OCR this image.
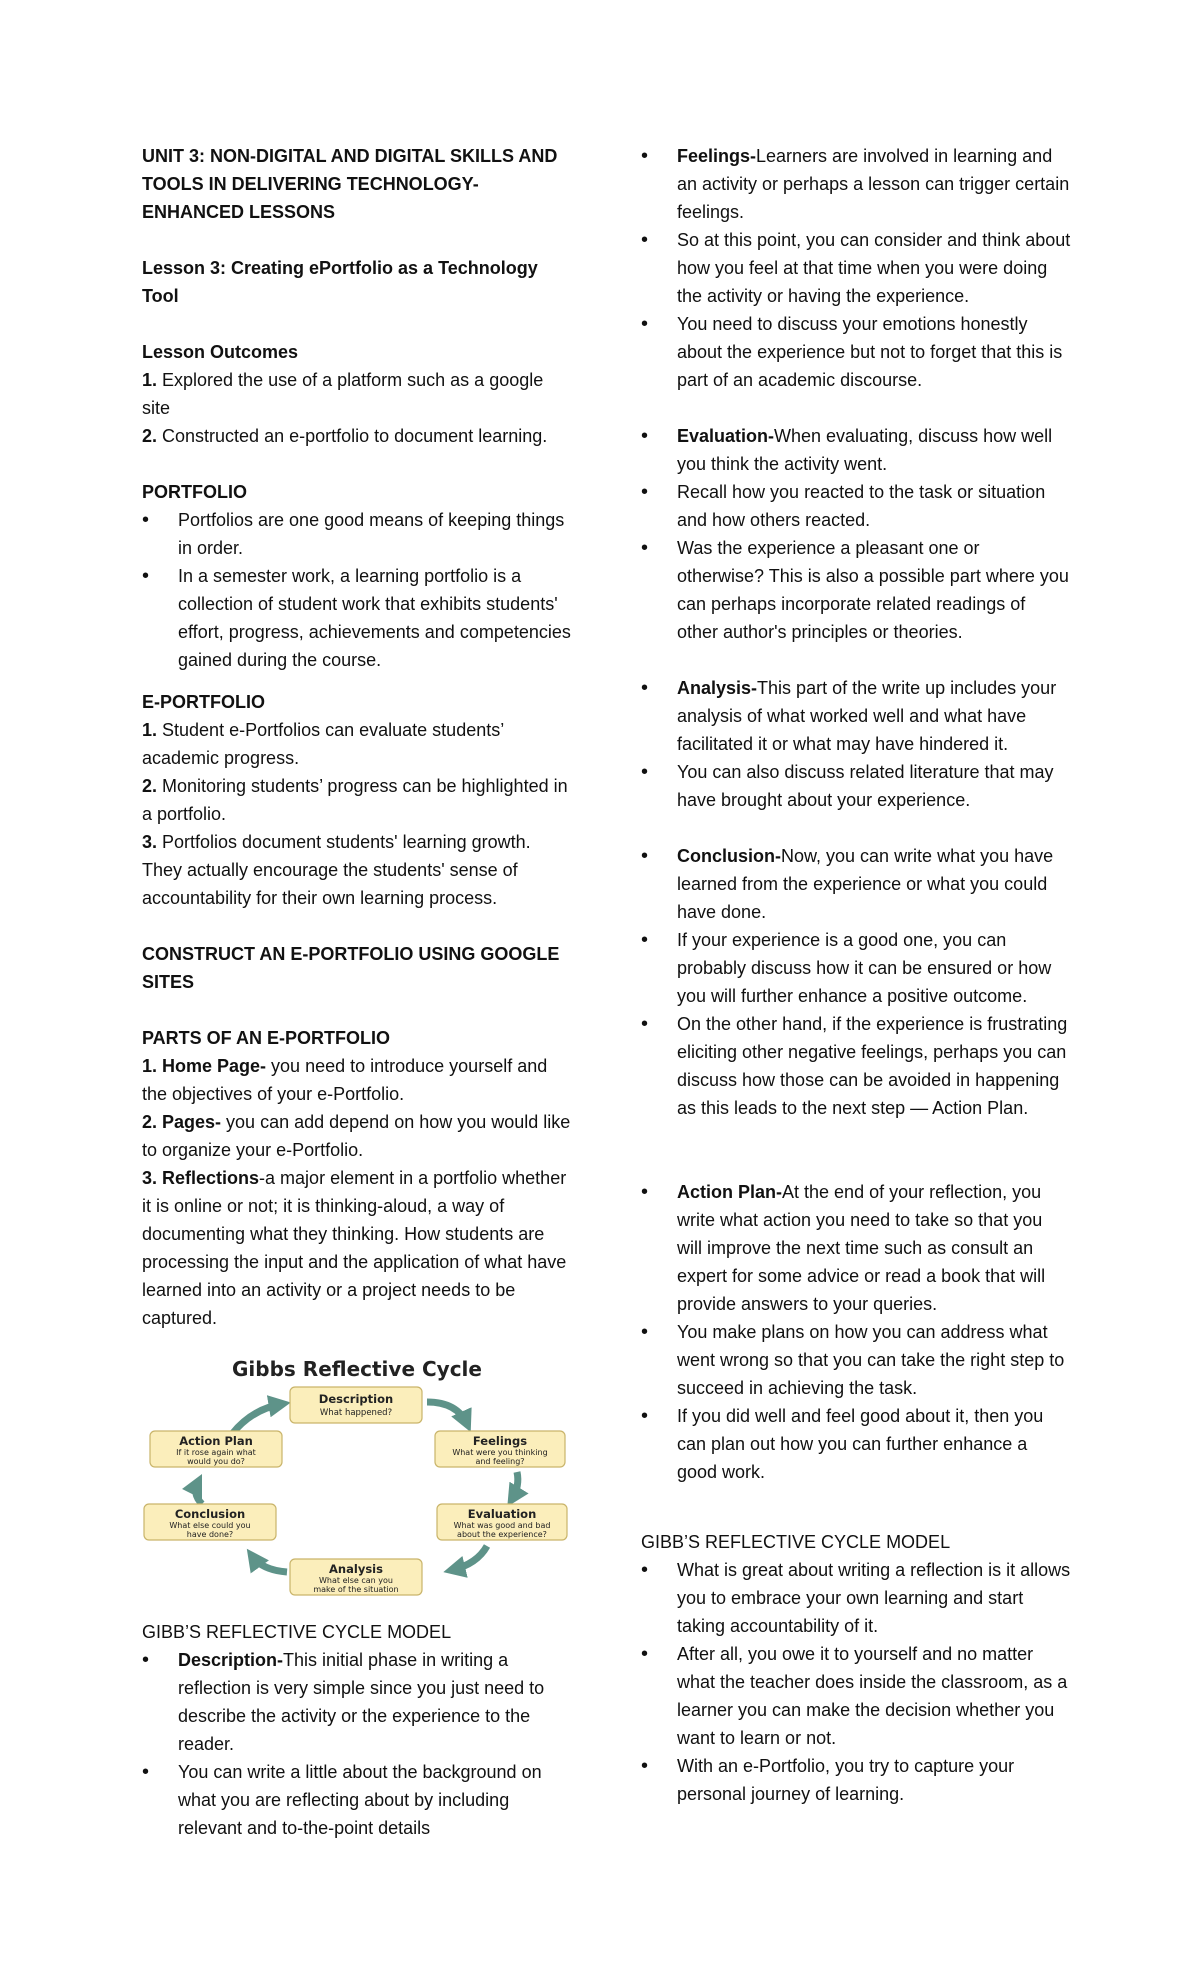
UNIT 3: NON-DIGITAL AND DIGITAL SKILLS AND TOOLS IN DELIVERING TECHNOLOGY-ENHANCED LESSONS

Lesson 3: Creating ePortfolio as a Technology Tool

Lesson Outcomes

1. Explored the use of a platform such as a google site

2. Constructed an e-portfolio to document learning.

PORTFOLIO

• Portfolios are one good means of keeping things in order.
• In a semester work, a learning portfolio is a collection of student work that exhibits students' effort, progress, achievements and competencies gained during the course.

E-PORTFOLIO

1. Student e-Portfolios can evaluate students’ academic progress.

2. Monitoring students’ progress can be highlighted in a portfolio.

3. Portfolios document students' learning growth. They actually encourage the students' sense of accountability for their own learning process.

CONSTRUCT AN E-PORTFOLIO USING GOOGLE SITES

PARTS OF AN E-PORTFOLIO

1. Home Page- you need to introduce yourself and the objectives of your e-Portfolio.

2. Pages- you can add depend on how you would like to organize your e-Portfolio.

3. Reflections-a major element in a portfolio whether it is online or not; it is thinking-aloud, a way of documenting what they thinking. How students are processing the input and the application of what have learned into an activity or a project needs to be captured.

Gibbs Reflective Cycle
Description
What happened?
Feelings
What were you thinking
and feeling?
Evaluation
What was good and bad
about the experience?
Analysis
What else can you
make of the situation
Conclusion
What else could you
have done?
Action Plan
If it rose again what
would you do?

GIBB’S REFLECTIVE CYCLE MODEL

• Description-This initial phase in writing a reflection is very simple since you just need to describe the activity or the experience to the reader.
• You can write a little about the background on what you are reflecting about by including relevant and to-the-point details
• Feelings-Learners are involved in learning and an activity or perhaps a lesson can trigger certain feelings.
• So at this point, you can consider and think about how you feel at that time when you were doing the activity or having the experience.
• You need to discuss your emotions honestly about the experience but not to forget that this is part of an academic discourse.
• Evaluation-When evaluating, discuss how well you think the activity went.
• Recall how you reacted to the task or situation and how others reacted.
• Was the experience a pleasant one or otherwise? This is also a possible part where you can perhaps incorporate related readings of other author's principles or theories.
• Analysis-This part of the write up includes your analysis of what worked well and what have facilitated it or what may have hindered it.
• You can also discuss related literature that may have brought about your experience.
• Conclusion-Now, you can write what you have learned from the experience or what you could have done.
• If your experience is a good one, you can probably discuss how it can be ensured or how you will further enhance a positive outcome.
• On the other hand, if the experience is frustrating eliciting other negative feelings, perhaps you can discuss how those can be avoided in happening as this leads to the next step — Action Plan.
• Action Plan-At the end of your reflection, you write what action you need to take so that you will improve the next time such as consult an expert for some advice or read a book that will provide answers to your queries.
• You make plans on how you can address what went wrong so that you can take the right step to succeed in achieving the task.
• If you did well and feel good about it, then you can plan out how you can further enhance a good work.

GIBB’S REFLECTIVE CYCLE MODEL

• What is great about writing a reflection is it allows you to embrace your own learning and start taking accountability of it.
• After all, you owe it to yourself and no matter what the teacher does inside the classroom, as a learner you can make the decision whether you want to learn or not.
• With an e-Portfolio, you try to capture your personal journey of learning.
